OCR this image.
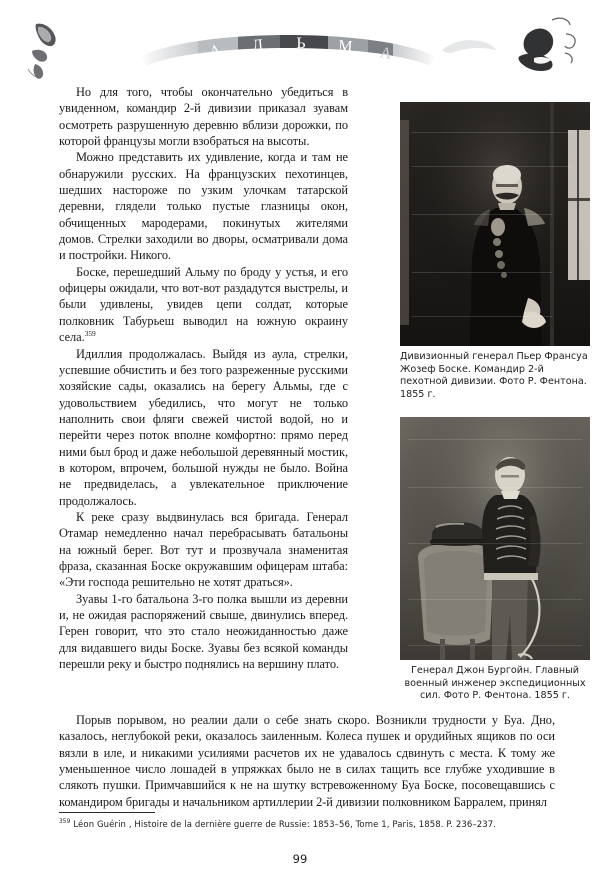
А Л Ь М А

Но для того, чтобы окончательно убедиться в увиденном, командир 2-й дивизии приказал зуавам осмотреть разрушенную деревню вблизи дорожки, по которой французы могли взобраться на высоты.

Можно представить их удивление, когда и там не обнаружили русских. На французских пехотинцев, шедших настороже по узким улочкам татарской деревни, глядели только пустые глазницы окон, обчищенных мародерами, покинутых жителями домов. Стрелки заходили во дворы, осматривали дома и постройки. Никого.

Боске, перешедший Альму по броду у устья, и его офицеры ожидали, что вот-вот раздадутся выстрелы, и были удивлены, увидев цепи солдат, которые полковник Табурьеш выводил на южную окраину села.$^{359}$

Идиллия продолжалась. Выйдя из аула, стрелки, успевшие обчистить и без того разреженные русскими хозяйские сады, оказались на берегу Альмы, где с удовольствием убедились, что могут не только наполнить свои фляги свежей чистой водой, но и перейти через поток вполне комфортно: прямо перед ними был брод и даже небольшой деревянный мостик, в котором, впрочем, большой нужды не было. Война не предвиделась, а увлекательное приключение продолжалось.

К реке сразу выдвинулась вся бригада. Генерал Отамар немедленно начал перебрасывать батальоны на южный берег. Вот тут и прозвучала знаменитая фраза, сказанная Боске окружавшим офицерам штаба: «Эти господа решительно не хотят драться».

Зуавы 1-го батальона 3-го полка вышли из деревни и, не ожидая распоряжений свыше, двинулись вперед. Герен говорит, что это стало неожиданностью даже для видавшего виды Боске. Зуавы без всякой команды перешли реку и быстро поднялись на вершину плато.

Порыв порывом, но реалии дали о себе знать скоро. Возникли трудности у Буа. Дно, казалось, неглубокой реки, оказалось заиленным. Колеса пушек и орудийных ящиков по оси вязли в иле, и никакими усилиями расчетов их не удавалось сдвинуть с места. К тому же уменьшенное число лошадей в упряжках было не в силах тащить все глубже уходившие в слякоть пушки. Примчавшийся к не на шутку встревоженному Буа Боске, посовещавшись с командиром бригады и начальником артиллерии 2-й дивизии полковником Барралем, принял

Дивизионный генерал Пьер Франсуа Жозеф Боске. Командир 2-й пехотной дивизии. Фото Р. Фентона. 1855 г.
Генерал Джон Бургойн. Главный военный инженер экспедиционных сил. Фото Р. Фентона. 1855 г.

$^{359}$ Léon Guérin , Histoire de la dernière guerre de Russie: 1853–56, Tome 1, Paris, 1858. P. 236–237.

99
